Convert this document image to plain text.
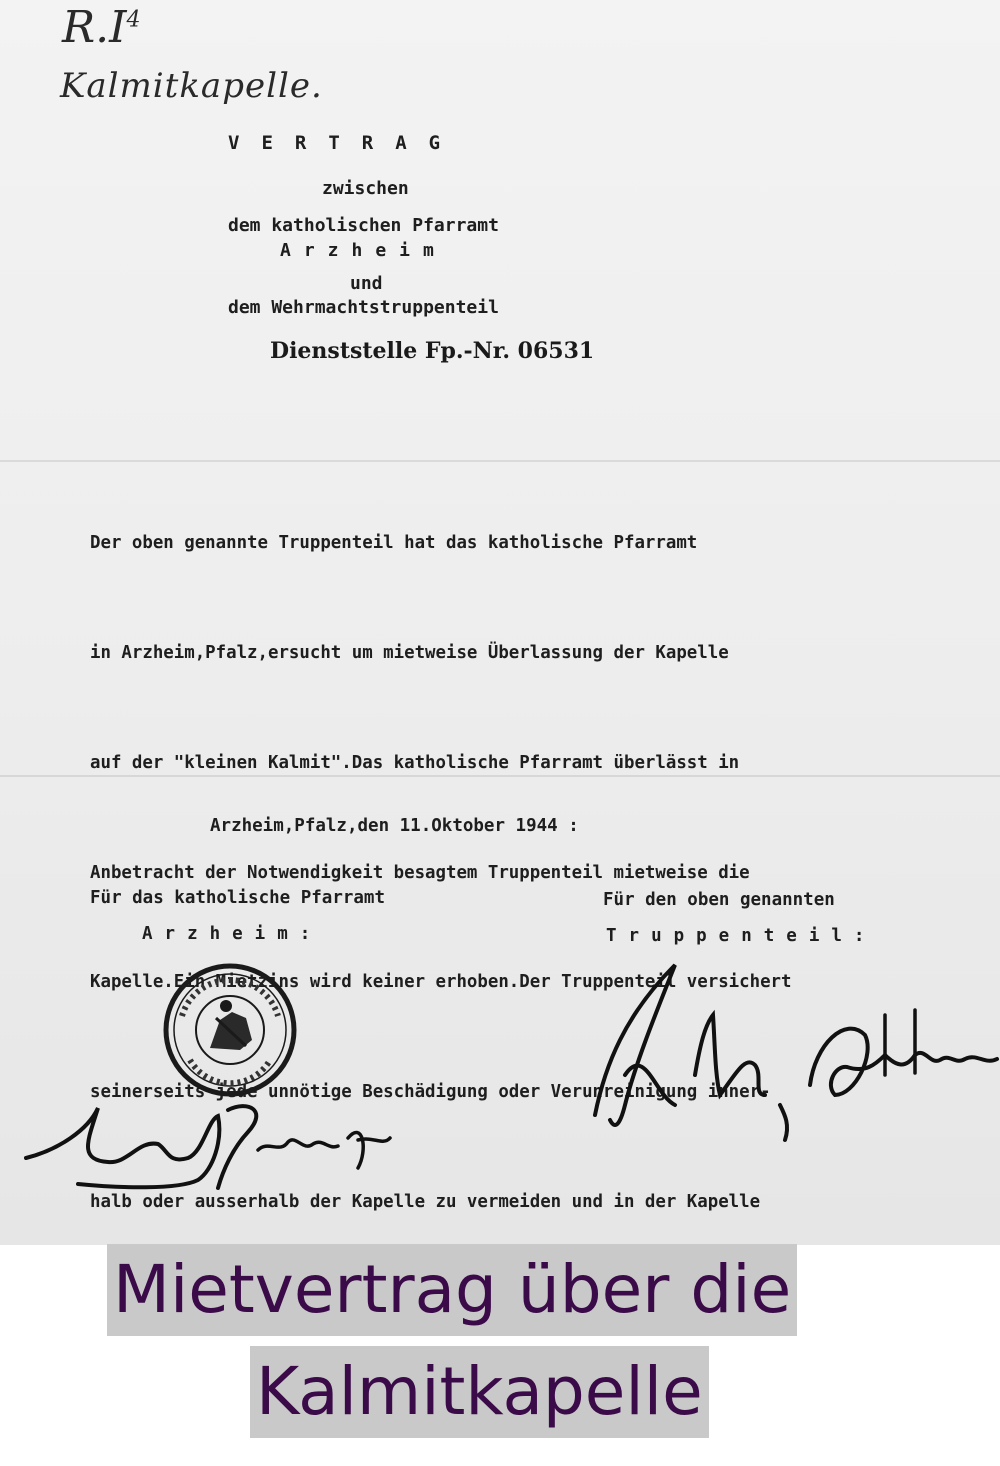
$R.I^4$
Kalmitkapelle.
VERTRAG
zwischen
dem katholischen Pfarramt
Arzheim
und
dem Wehrmachtstruppenteil
Dienststelle Fp.-Nr. 06531

Der oben genannte Truppenteil hat das katholische Pfarramt

in Arzheim,Pfalz,ersucht um mietweise Überlassung der Kapelle

auf der "kleinen Kalmit".Das katholische Pfarramt überlässt in

Anbetracht der Notwendigkeit besagtem Truppenteil mietweise die

Kapelle.Ein Mietzins wird keiner erhoben.Der Truppenteil versichert

seinerseits jede unnötige Beschädigung oder Verunreinigung inner-

halb oder ausserhalb der Kapelle zu vermeiden und in der Kapelle

Arzheim,Pfalz,den 11.Oktober 1944 :
Für das katholische Pfarramt
Arzheim:
Für den oben genannten
Truppenteil:
Mietvertrag über die
Kalmitkapelle
